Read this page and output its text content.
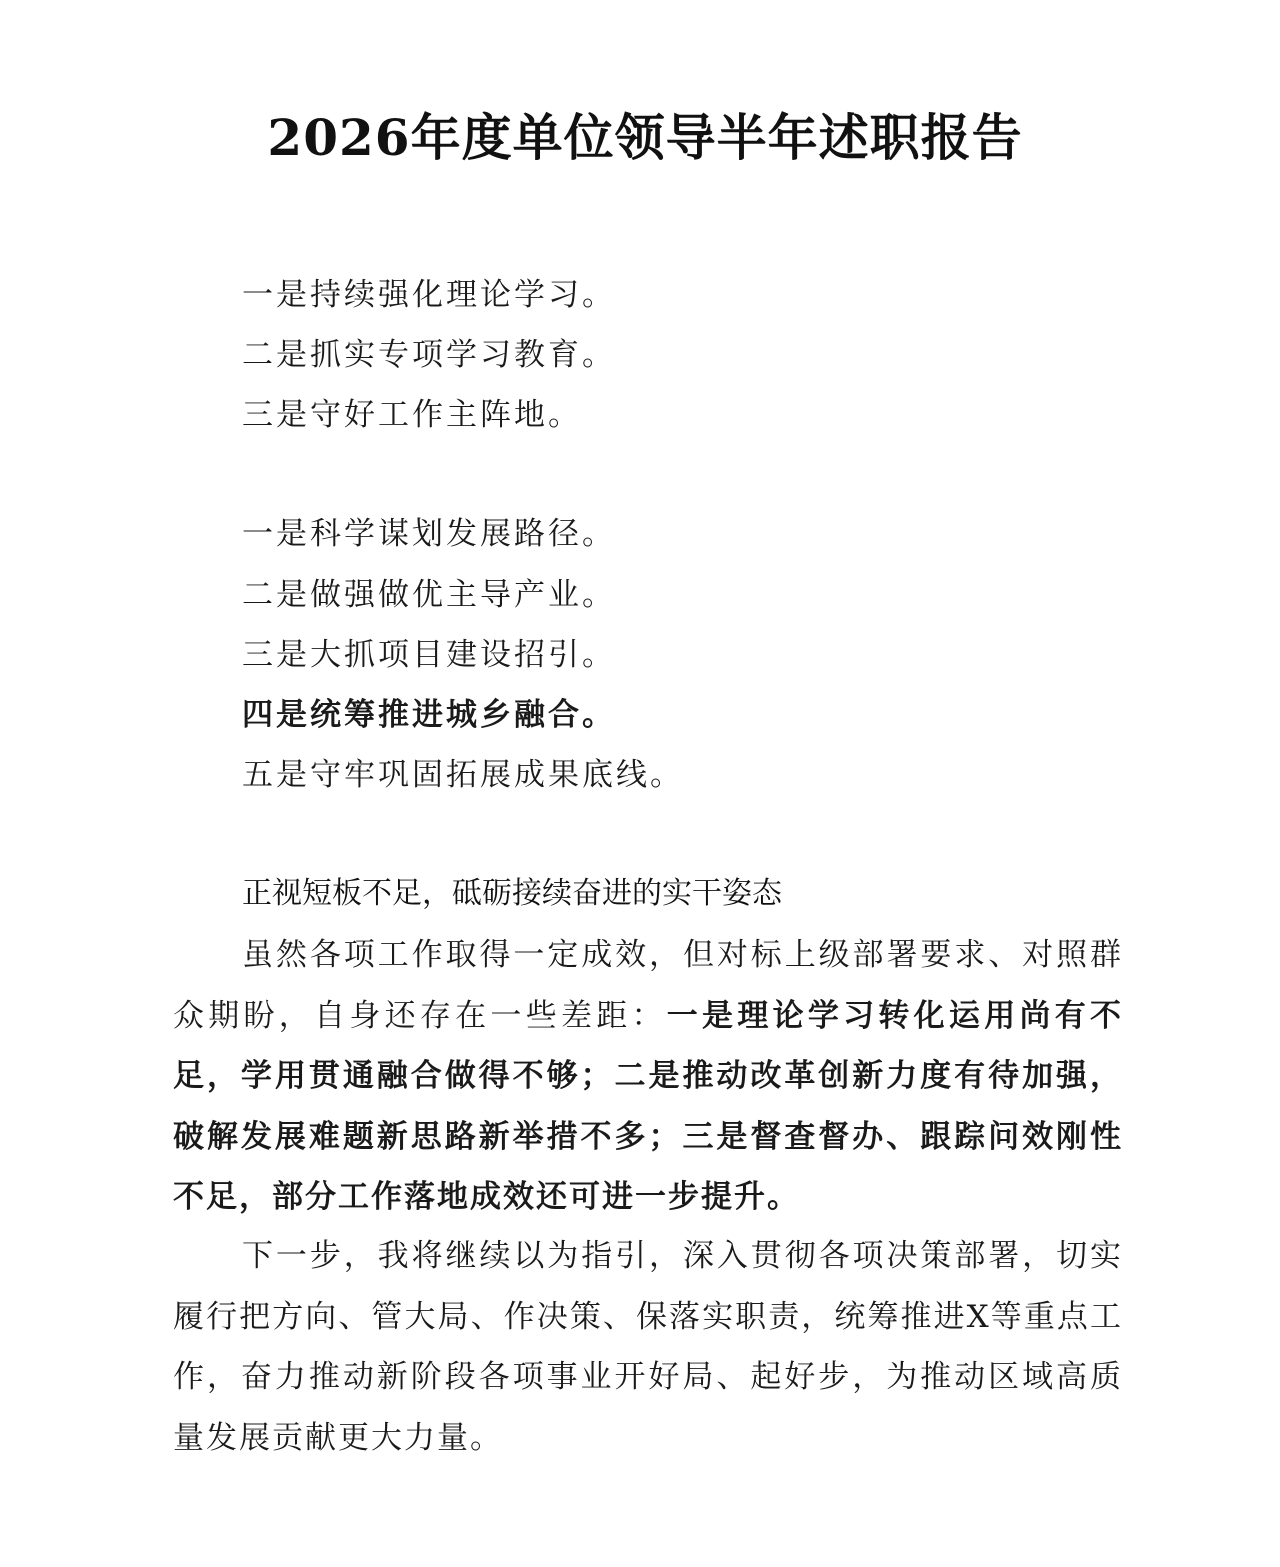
2026年度单位领导半年述职报告
一是持续强化理论学习。
二是抓实专项学习教育。
三是守好工作主阵地。
一是科学谋划发展路径。
二是做强做优主导产业。
三是大抓项目建设招引。
四是统筹推进城乡融合。
五是守牢巩固拓展成果底线。
正视短板不足，砥砺接续奋进的实干姿态
虽然各项工作取得一定成效，但对标上级部署要求、对照群众期盼，自身还存在一些差距：一是理论学习转化运用尚有不足，学用贯通融合做得不够；二是推动改革创新力度有待加强，破解发展难题新思路新举措不多；三是督查督办、跟踪问效刚性不足，部分工作落地成效还可进一步提升。
下一步，我将继续以为指引，深入贯彻各项决策部署，切实履行把方向、管大局、作决策、保落实职责，统筹推进X等重点工作，奋力推动新阶段各项事业开好局、起好步，为推动区域高质量发展贡献更大力量。
